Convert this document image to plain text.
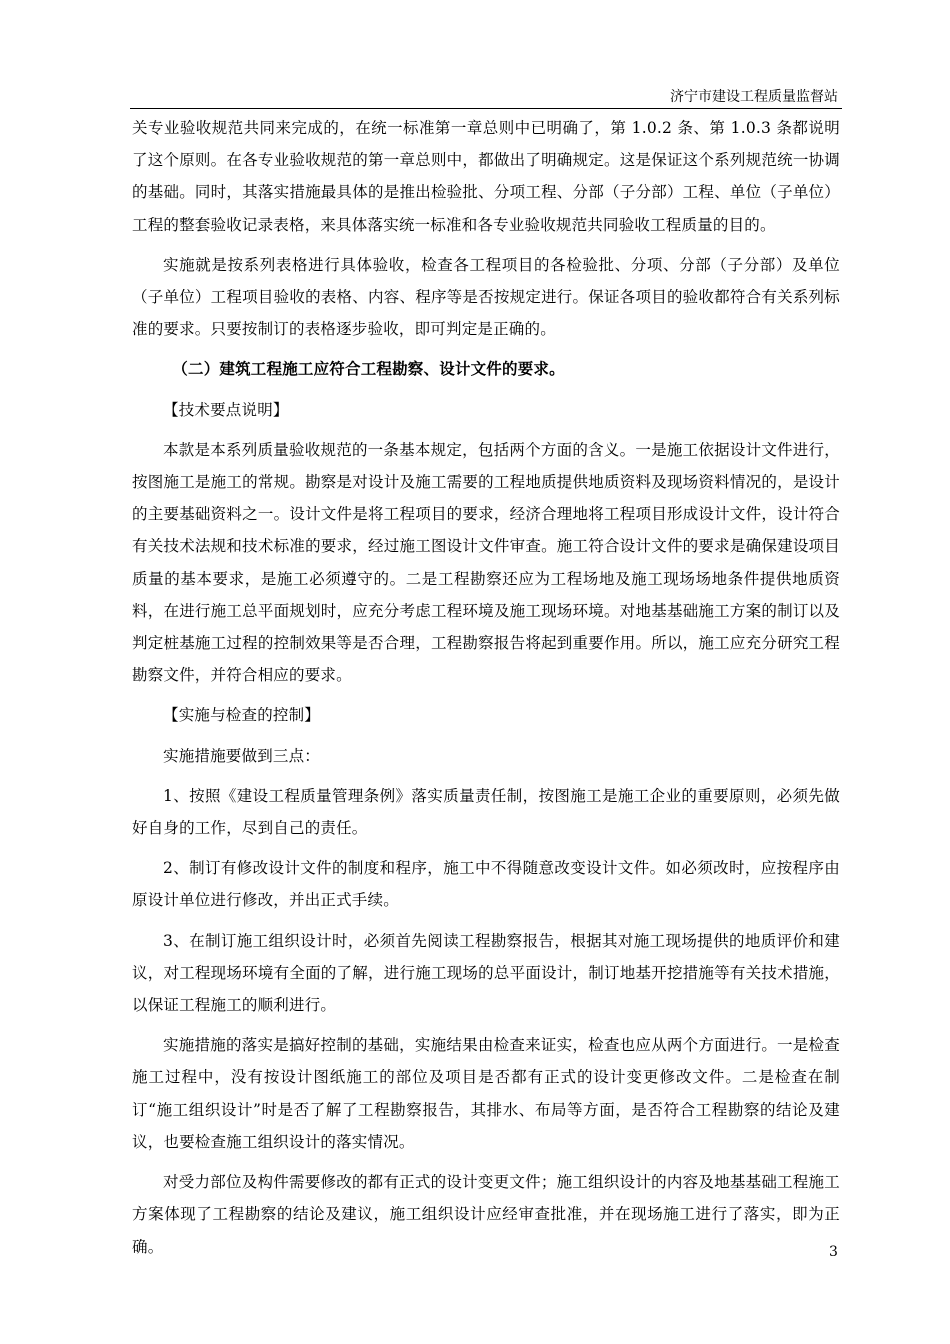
济宁市建设工程质量监督站

关专业验收规范共同来完成的，在统一标准第一章总则中已明确了，第 1.0.2 条、第 1.0.3 条都说明了这个原则。在各专业验收规范的第一章总则中，都做出了明确规定。这是保证这个系列规范统一协调的基础。同时，其落实措施最具体的是推出检验批、分项工程、分部（子分部）工程、单位（子单位）工程的整套验收记录表格，来具体落实统一标准和各专业验收规范共同验收工程质量的目的。

实施就是按系列表格进行具体验收，检查各工程项目的各检验批、分项、分部（子分部）及单位（子单位）工程项目验收的表格、内容、程序等是否按规定进行。保证各项目的验收都符合有关系列标准的要求。只要按制订的表格逐步验收，即可判定是正确的。

（二）建筑工程施工应符合工程勘察、设计文件的要求。

【技术要点说明】

本款是本系列质量验收规范的一条基本规定，包括两个方面的含义。一是施工依据设计文件进行，按图施工是施工的常规。勘察是对设计及施工需要的工程地质提供地质资料及现场资料情况的，是设计的主要基础资料之一。设计文件是将工程项目的要求，经济合理地将工程项目形成设计文件，设计符合有关技术法规和技术标准的要求，经过施工图设计文件审查。施工符合设计文件的要求是确保建设项目质量的基本要求，是施工必须遵守的。二是工程勘察还应为工程场地及施工现场场地条件提供地质资料，在进行施工总平面规划时，应充分考虑工程环境及施工现场环境。对地基基础施工方案的制订以及判定桩基施工过程的控制效果等是否合理，工程勘察报告将起到重要作用。所以，施工应充分研究工程勘察文件，并符合相应的要求。

【实施与检查的控制】

实施措施要做到三点：

1、按照《建设工程质量管理条例》落实质量责任制，按图施工是施工企业的重要原则，必须先做好自身的工作，尽到自己的责任。

2、制订有修改设计文件的制度和程序，施工中不得随意改变设计文件。如必须改时，应按程序由原设计单位进行修改，并出正式手续。

3、在制订施工组织设计时，必须首先阅读工程勘察报告，根据其对施工现场提供的地质评价和建议，对工程现场环境有全面的了解，进行施工现场的总平面设计，制订地基开挖措施等有关技术措施，以保证工程施工的顺利进行。

实施措施的落实是搞好控制的基础，实施结果由检查来证实，检查也应从两个方面进行。一是检查施工过程中，没有按设计图纸施工的部位及项目是否都有正式的设计变更修改文件。二是检查在制订“施工组织设计”时是否了解了工程勘察报告，其排水、布局等方面，是否符合工程勘察的结论及建议，也要检查施工组织设计的落实情况。

对受力部位及构件需要修改的都有正式的设计变更文件；施工组织设计的内容及地基基础工程施工方案体现了工程勘察的结论及建议，施工组织设计应经审查批准，并在现场施工进行了落实，即为正确。	3
